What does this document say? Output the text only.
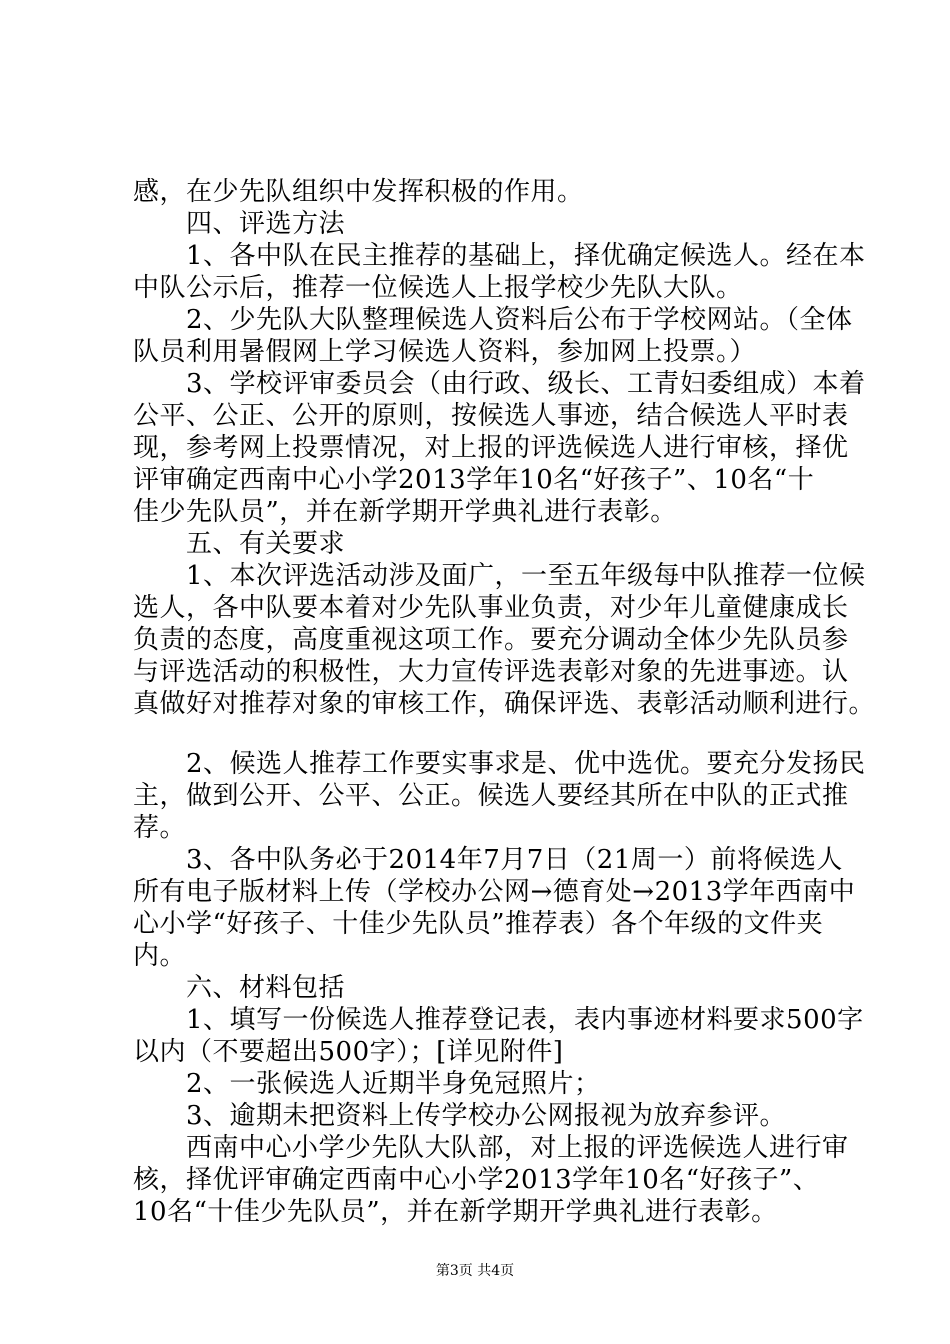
感，在少先队组织中发挥积极的作用。
　　四、评选方法
　　1、各中队在民主推荐的基础上，择优确定候选人。经在本
中队公示后，推荐一位候选人上报学校少先队大队。
　　2、少先队大队整理候选人资料后公布于学校网站。（全体
队员利用暑假网上学习候选人资料，参加网上投票。）
　　3、学校评审委员会（由行政、级长、工青妇委组成）本着
公平、公正、公开的原则，按候选人事迹，结合候选人平时表
现，参考网上投票情况，对上报的评选候选人进行审核，择优
评审确定西南中心小学2013学年10名“好孩子”、10名“十
佳少先队员”，并在新学期开学典礼进行表彰。
　　五、有关要求
　　1、本次评选活动涉及面广，一至五年级每中队推荐一位候
选人，各中队要本着对少先队事业负责，对少年儿童健康成长
负责的态度，高度重视这项工作。要充分调动全体少先队员参
与评选活动的积极性，大力宣传评选表彰对象的先进事迹。认
真做好对推荐对象的审核工作，确保评选、表彰活动顺利进行。
　　2、候选人推荐工作要实事求是、优中选优。要充分发扬民
主，做到公开、公平、公正。候选人要经其所在中队的正式推
荐。
　　3、各中队务必于2014年7月7日（21周一）前将候选人
所有电子版材料上传（学校办公网→德育处→2013学年西南中
心小学“好孩子、十佳少先队员”推荐表）各个年级的文件夹
内。
　　六、材料包括
　　1、填写一份候选人推荐登记表，表内事迹材料要求500字
以内（不要超出500字）；[详见附件]
　　2、一张候选人近期半身免冠照片；
　　3、逾期未把资料上传学校办公网报视为放弃参评。
　　西南中心小学少先队大队部，对上报的评选候选人进行审
核，择优评审确定西南中心小学2013学年10名“好孩子”、
10名“十佳少先队员”，并在新学期开学典礼进行表彰。
第3页 共4页
